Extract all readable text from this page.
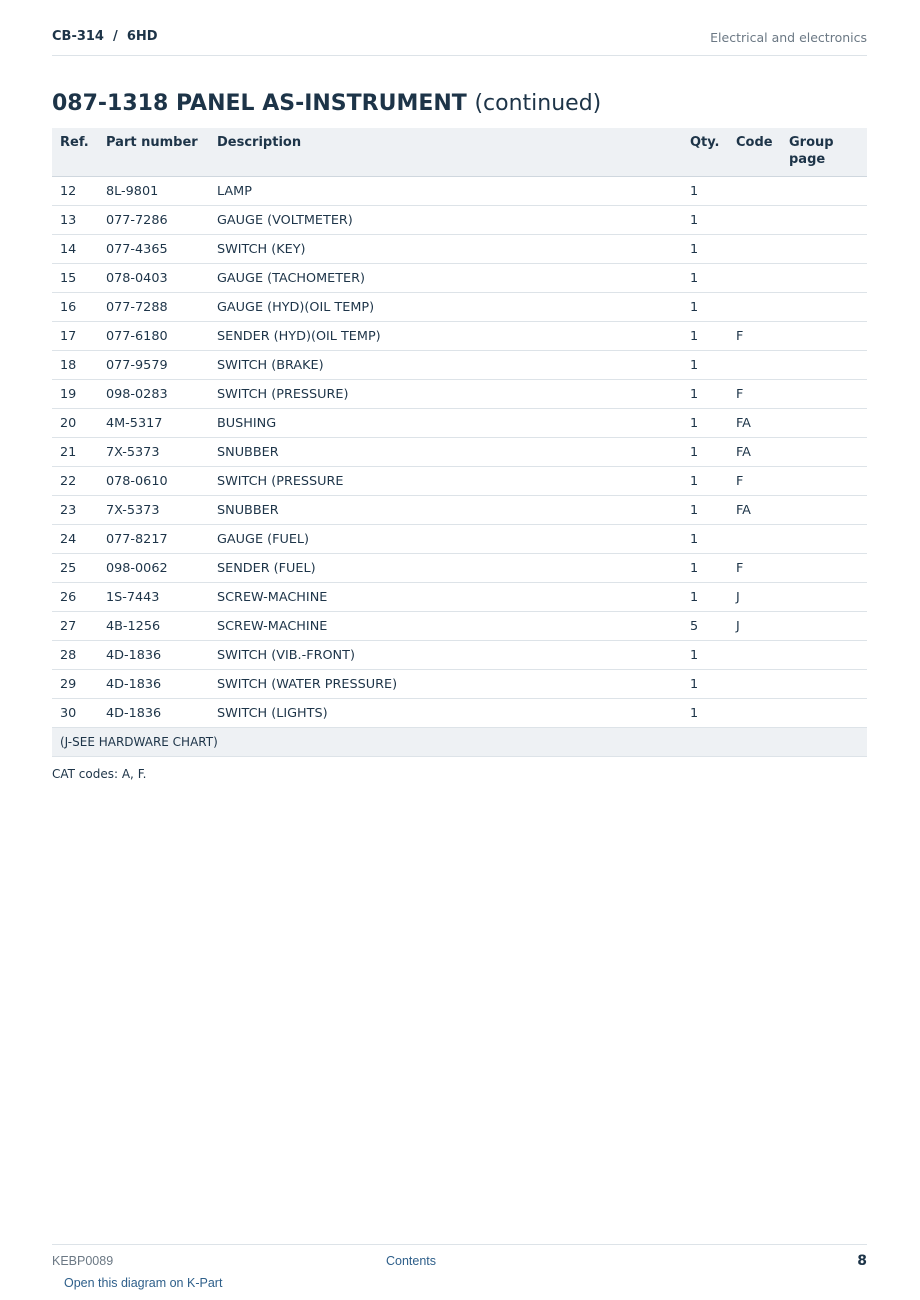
CB-314  /  6HD	Electrical and electronics
087-1318 PANEL AS-INSTRUMENT (continued)
Ref.	Part number	Description	Qty.	Code	Group page
12	8L-9801	LAMP	1		
13	077-7286	GAUGE (VOLTMETER)	1		
14	077-4365	SWITCH (KEY)	1		
15	078-0403	GAUGE (TACHOMETER)	1		
16	077-7288	GAUGE (HYD)(OIL TEMP)	1		
17	077-6180	SENDER (HYD)(OIL TEMP)	1	F	
18	077-9579	SWITCH (BRAKE)	1		
19	098-0283	SWITCH (PRESSURE)	1	F	
20	4M-5317	BUSHING	1	FA	
21	7X-5373	SNUBBER	1	FA	
22	078-0610	SWITCH (PRESSURE	1	F	
23	7X-5373	SNUBBER	1	FA	
24	077-8217	GAUGE (FUEL)	1		
25	098-0062	SENDER (FUEL)	1	F	
26	1S-7443	SCREW-MACHINE	1	J	
27	4B-1256	SCREW-MACHINE	5	J	
28	4D-1836	SWITCH (VIB.-FRONT)	1		
29	4D-1836	SWITCH (WATER PRESSURE)	1		
30	4D-1836	SWITCH (LIGHTS)	1		
(J-SEE HARDWARE CHART)					
CAT codes: A, F.
KEBP0089	Contents	8
Open this diagram on K-Part
